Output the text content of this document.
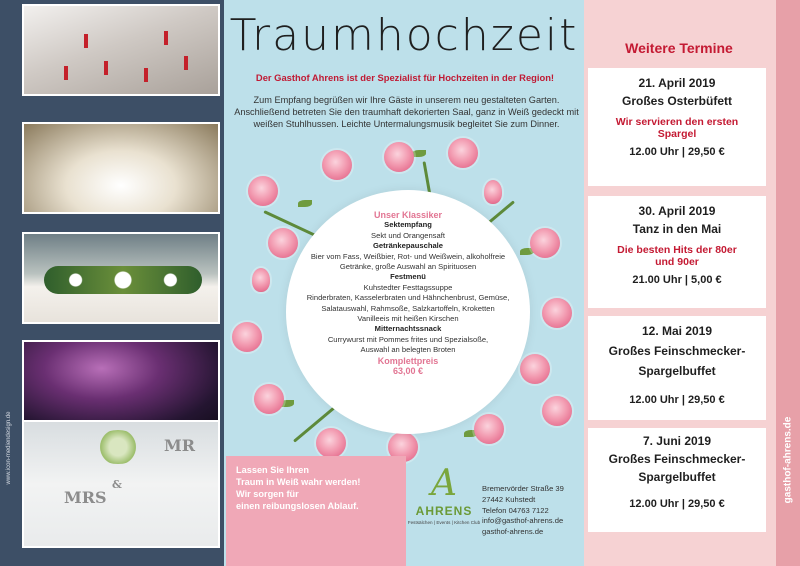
MRS
&
MR
www.icon-mediendesign.de
Traumhochzeit
Der Gasthof Ahrens ist der Spezialist für Hochzeiten in der Region!
Zum Empfang begrüßen wir Ihre Gäste in unserem neu gestalteten Garten. Anschließend betreten Sie den traumhaft dekorierten Saal, ganz in Weiß gedeckt mit weißen Stuhlhussen. Leichte Untermalungsmusik begleitet Sie zum Dinner.
Unser Klassiker
Sektempfang
Sekt und Orangensaft
Getränkepauschale
Bier vom Fass, Weißbier, Rot- und Weißwein, alkoholfreie
Getränke, große Auswahl an Spirituosen
Festmenü
Kuhstedter Festtagssuppe
Rinderbraten, Kasselerbraten und Hähnchenbrust, Gemüse,
Salatauswahl, Rahmsoße, Salzkartoffeln, Kroketten
Vanilleeis mit heißen Kirschen
Mitternachtssnack
Currywurst mit Pommes frites und Spezialsoße,
Auswahl an belegten Broten
Komplettpreis
63,00 €

Lassen Sie Ihren
Traum in Weiß wahr werden!
Wir sorgen für
einen reibungslosen Ablauf.

A
AHRENS
Festsälchen | Events | Kitchen Club
Bremervörder Straße 39
27442 Kuhstedt
Telefon 04763 7122
info@gasthof-ahrens.de
gasthof-ahrens.de
Weitere Termine
21. April 2019
Großes Osterbüfett
Wir servieren den ersten
Spargel
12.00 Uhr | 29,50 €
30. April 2019
Tanz in den Mai
Die besten Hits der 80er
und 90er
21.00 Uhr | 5,00 €
12. Mai 2019
Großes Feinschmecker-
Spargelbuffet
12.00 Uhr | 29,50 €
7. Juni 2019
Großes Feinschmecker-
Spargelbuffet
12.00 Uhr | 29,50 €
gasthof-ahrens.de
